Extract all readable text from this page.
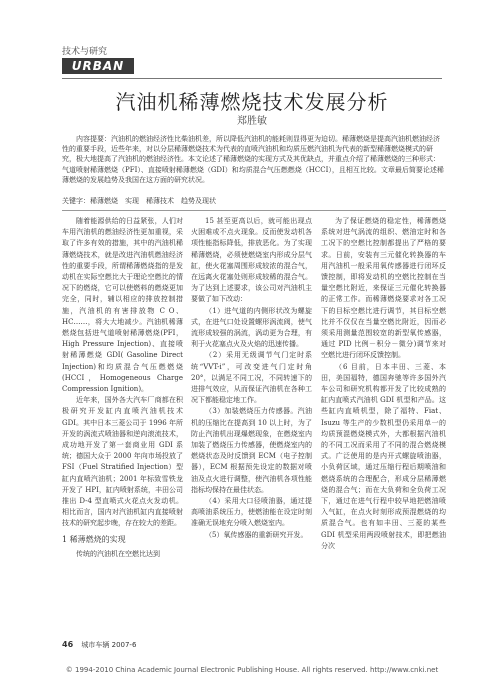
技术与研究
URBAN
汽油机稀薄燃烧技术发展分析
郑胜敏
内容提要：汽油机的燃油经济性比柴油机差，所以降低汽油机的能耗则显得更为迫切。稀薄燃烧是提高汽油机燃油经济性的重要手段，近些年来，对以分层稀薄燃烧技术为代表的直喷汽油机和均质压燃汽油机为代表的新型稀薄燃烧模式的研究，极大地提高了汽油机的燃油经济性。本文论述了稀薄燃烧的实现方式及其优缺点，并重点介绍了稀薄燃烧的三种形式：气道喷射稀薄燃烧（PFI）、直接喷射稀薄燃烧（GDI）和均质混合气压燃燃烧（HCCI），且相互比较。文章最后简要论述稀薄燃烧的发展趋势及我国在这方面的研究状况。
关键字：稀薄燃烧　实现　稀薄技术　趋势及现状

随着能源供给的日益紧张，人们对车用汽油机的燃油经济性更加重视，采取了许多有效的措施，其中的汽油机稀薄燃烧技术，就是改进汽油机燃油经济性的重要手段，所谓稀薄燃烧指的是发动机在实际空燃比大于理论空燃比的情况下的燃烧，它可以使燃料的燃烧更加完全，同时，辅以相应的排放控制措施，汽油机的有害排放物 C O、HC……，将大大地减少。汽油机稀薄燃烧包括进气道喷射稀薄燃烧(PFI，High Pressure Injection)、直接喷射稀薄燃烧 GDI( Gasoline Direct Injection)和均质混合气压燃燃烧(HCCI，Homogeneous Charge Compression Ignition)。

近年来，国外各大汽车厂商都在积极研究开发缸内直喷汽油机技术 GDI。其中日本三菱公司于 1996 年所开发的涡流式喷油器和逆向滚流技术，成功地开发了第一套商业用 GDI 系统；德国大众于 2000 年向市场投放了 FSI（Fuel Stratified Injection）型缸内直喷汽油机；2001 年标致雪铁龙开发了 HPI，缸内喷射系统，丰田公司推出 D-4 型直喷式火花点火发动机。相比而言，国内对汽油机缸内直接喷射技术的研究起步晚，存在较大的差距。

1 稀薄燃烧的实现

传统的汽油机在空燃比达到

15 甚至更高以后，就可能出现点火困难或不点火现象。反而使发动机各项性能指标降低，排放恶化。为了实现稀薄燃烧，必须使燃烧室内形成分层气缸，使火花塞周围形成较浓的混合气，在远离火花塞处则形成较稀的混合气。为了达到上述要求，该公司对汽油机主要做了如下改动：

（1）进气道的内侧形状改为螺旋式，在进气口处设置螺形涡流阀，使气流形成较强的涡流，涡动更为合理，有利于火花塞点火及火焰的迅速传播。

（2）采用无级调节气门定时系统“VVT-i”，可改变进气门定时角 20°，以满足不同工况，不同转速下的进排气效应，从而保证汽油机在各种工况下都能稳定地工作。

（3）加装燃烧压力传感器。汽油机的压缩比在提高到 10 以上时，为了防止汽油机出现爆燃现象，在燃烧室内加装了燃烧压力传感器，使燃烧室内的燃烧状态及时反馈到 ECM（电子控制器），ECM 根据预先设定的数据对喷油及点火进行调整，使汽油机各项性能指标均保持在最佳状态。

（4）采用大口径喷油器，通过提高喷油系统压力，使燃油能在设定时刻准确无误地充分喷入燃烧室内。

（5）氧传感器的重新研究开发。

为了保证燃烧的稳定性，稀薄燃烧系统对进气涡流的组织、燃油定时和各工况下的空燃比控制都提出了严格的要求。日前，安装有三元催化转换器的车用汽油机一般采用氧传感器进行闭环反馈控制，即将发动机的空燃比控制在当量空燃比附近，来保证三元催化转换器的正常工作。而稀薄燃烧要求对各工况下的目标空燃比进行调节，其目标空燃比并不仅仅在当量空燃比附近，因而必须采用测量范围较宽的新型氧传感器，通过 PID 比例－积分－微分)调节来对空燃比进行闭环反馈控制。

（6 目前，日本丰田、三菱、本田，美国福特，德国奔驰等许多国外汽车公司和研究机构都开发了比较成熟的缸内直喷式汽油机 GDI 机型和产品。这些缸内直喷机型，除了福特、Fiat、Isuzu 等生产的少数机型仍采用单一的均质预混燃烧模式外，大都根据汽油机的不同工况而采用了不同的混合燃烧模式。广泛使用的是内开式螺旋喷油器，小负荷区域，通过压缩行程后期喷油和燃烧系统的合理配合，形成分层稀薄燃烧的混合气；而在大负荷和全负荷工况下，通过在进气行程中较早地把燃油喷入气缸，在点火时刻形成预混燃烧的均质混合气。也有如丰田、三菱的某些 GDI 机型采用两段喷射技术，即把燃油分次

46 城市车辆 2007-6
© 1994-2010 China Academic Journal Electronic Publishing House. All rights reserved. http://www.cnki.net
